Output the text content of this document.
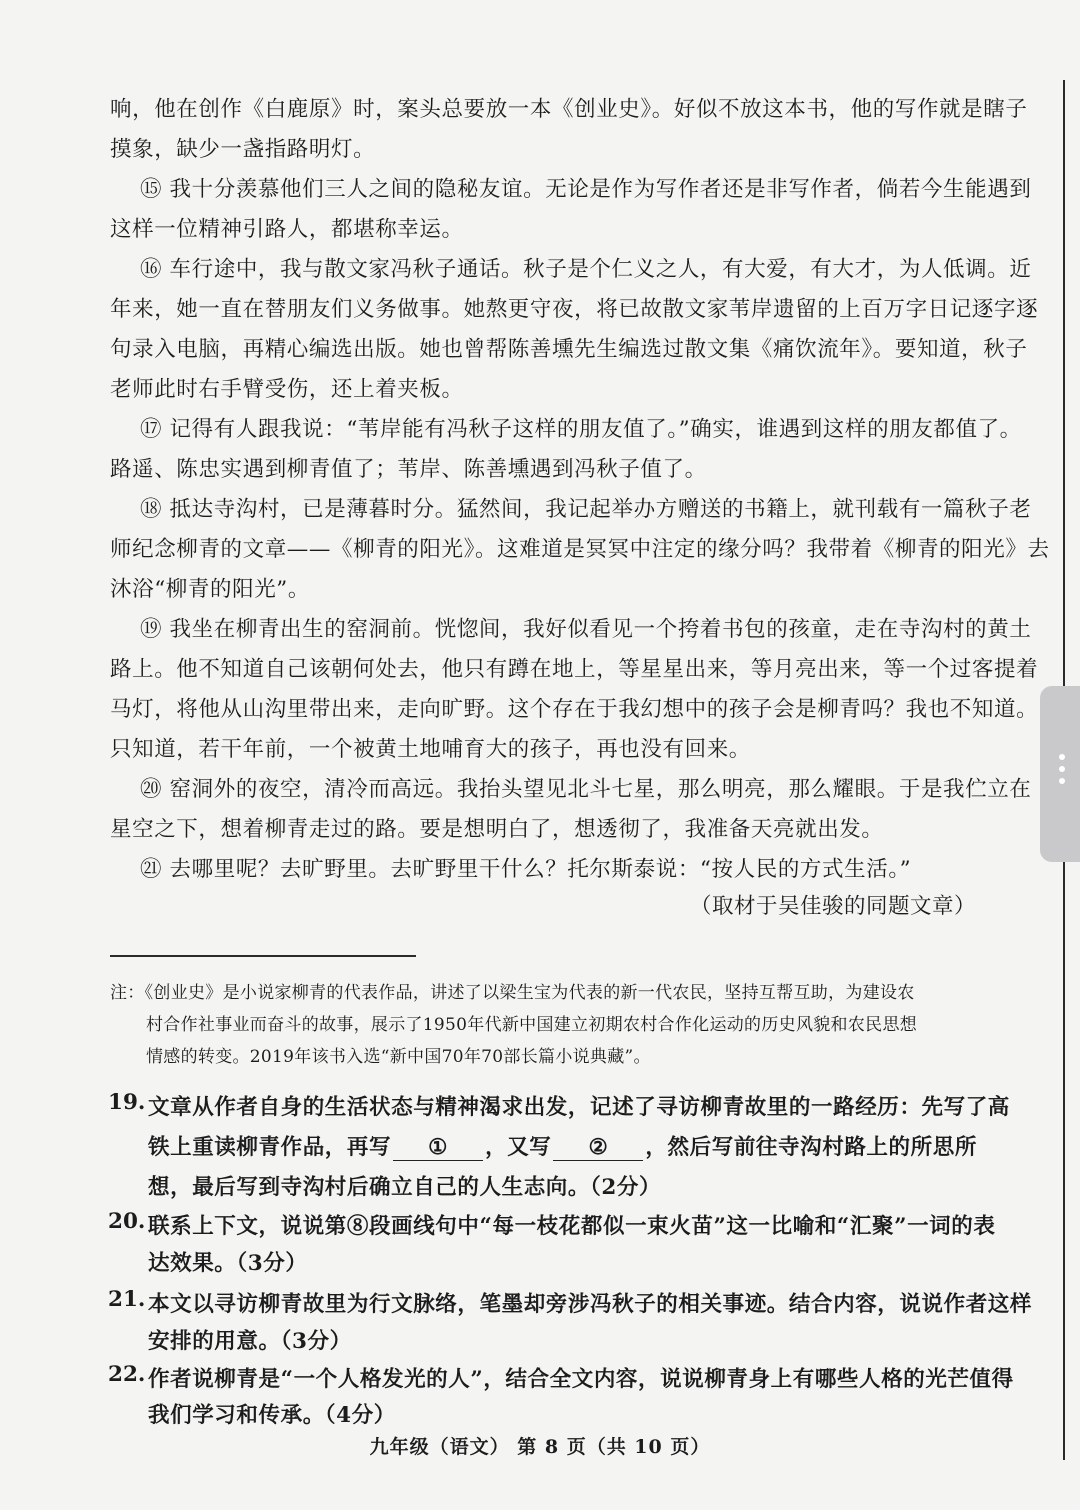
响，他在创作《白鹿原》时，案头总要放一本《创业史》。好似不放这本书，他的写作就是瞎子
摸象，缺少一盏指路明灯。
⑮ 我十分羡慕他们三人之间的隐秘友谊。无论是作为写作者还是非写作者，倘若今生能遇到
这样一位精神引路人，都堪称幸运。
⑯ 车行途中，我与散文家冯秋子通话。秋子是个仁义之人，有大爱，有大才，为人低调。近
年来，她一直在替朋友们义务做事。她熬更守夜，将已故散文家苇岸遗留的上百万字日记逐字逐
句录入电脑，再精心编选出版。她也曾帮陈善壎先生编选过散文集《痛饮流年》。要知道，秋子
老师此时右手臂受伤，还上着夹板。
⑰ 记得有人跟我说：“苇岸能有冯秋子这样的朋友值了。”确实，谁遇到这样的朋友都值了。
路遥、陈忠实遇到柳青值了；苇岸、陈善壎遇到冯秋子值了。
⑱ 抵达寺沟村，已是薄暮时分。猛然间，我记起举办方赠送的书籍上，就刊载有一篇秋子老
师纪念柳青的文章——《柳青的阳光》。这难道是冥冥中注定的缘分吗？我带着《柳青的阳光》去
沐浴“柳青的阳光”。
⑲ 我坐在柳青出生的窑洞前。恍惚间，我好似看见一个挎着书包的孩童，走在寺沟村的黄土
路上。他不知道自己该朝何处去，他只有蹲在地上，等星星出来，等月亮出来，等一个过客提着
马灯，将他从山沟里带出来，走向旷野。这个存在于我幻想中的孩子会是柳青吗？我也不知道。
只知道，若干年前，一个被黄土地哺育大的孩子，再也没有回来。
⑳ 窑洞外的夜空，清冷而高远。我抬头望见北斗七星，那么明亮，那么耀眼。于是我伫立在
星空之下，想着柳青走过的路。要是想明白了，想透彻了，我准备天亮就出发。
㉑ 去哪里呢？去旷野里。去旷野里干什么？托尔斯泰说：“按人民的方式生活。”
（取材于吴佳骏的同题文章）
注：《创业史》是小说家柳青的代表作品，讲述了以梁生宝为代表的新一代农民，坚持互帮互助，为建设农
村合作社事业而奋斗的故事，展示了1950年代新中国建立初期农村合作化运动的历史风貌和农民思想
情感的转变。2019年该书入选“新中国70年70部长篇小说典藏”。
19. 文章从作者自身的生活状态与精神渴求出发，记述了寻访柳青故里的一路经历：先写了高
铁上重读柳青作品，再写 ① ，又写 ② ，然后写前往寺沟村路上的所思所
想，最后写到寺沟村后确立自己的人生志向。（2分）
20. 联系上下文，说说第⑧段画线句中“每一枝花都似一束火苗”这一比喻和“汇聚”一词的表
达效果。（3分）
21. 本文以寻访柳青故里为行文脉络，笔墨却旁涉冯秋子的相关事迹。结合内容，说说作者这样
安排的用意。（3分）
22. 作者说柳青是“一个人格发光的人”，结合全文内容，说说柳青身上有哪些人格的光芒值得
我们学习和传承。（4分）
九年级（语文） 第 8 页（共 10 页）
